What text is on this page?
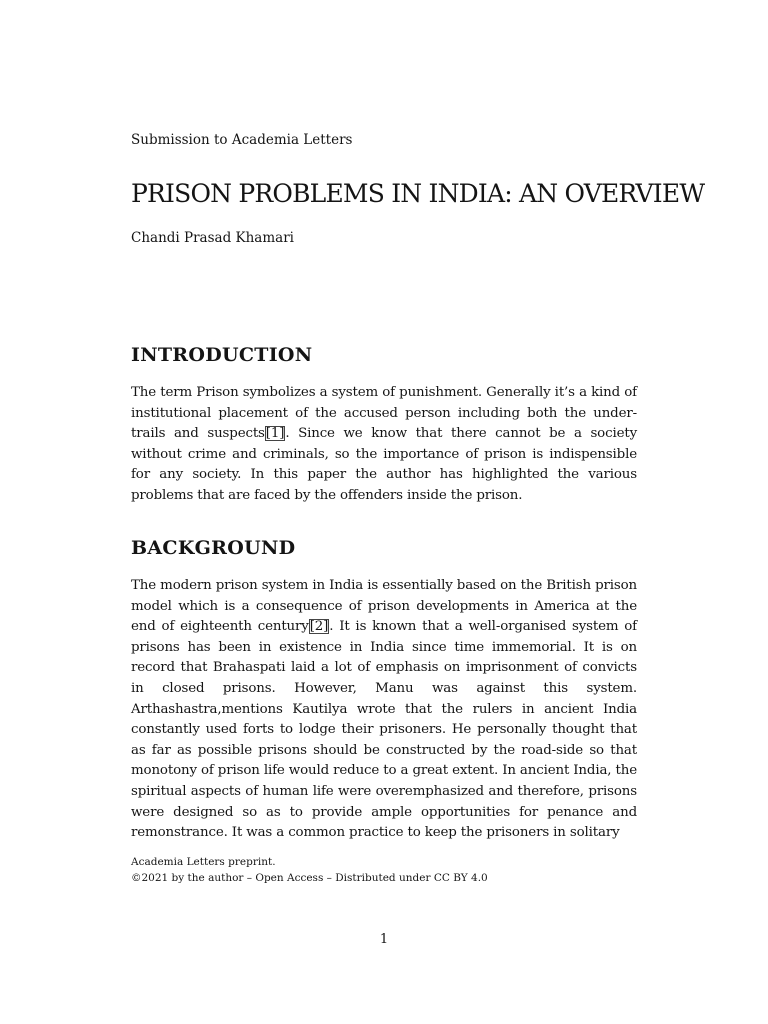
Submission to Academia Letters
PRISON PROBLEMS IN INDIA: AN OVERVIEW
Chandi Prasad Khamari
INTRODUCTION

The term Prison symbolizes a system of punishment. Generally it’s a kind of institutional placement of the accused person including both the under-trails and suspects[1]. Since we know that there cannot be a society without crime and criminals, so the importance of prison is indispensible for any society. In this paper the author has highlighted the various problems that are faced by the offenders inside the prison.

BACKGROUND

The modern prison system in India is essentially based on the British prison model which is a consequence of prison developments in America at the end of eighteenth century[2]. It is known that a well-organised system of prisons has been in existence in India since time immemorial. It is on record that Brahaspati laid a lot of emphasis on imprisonment of convicts in closed prisons. However, Manu was against this system. Arthashastra,mentions Kautilya wrote that the rulers in ancient India constantly used forts to lodge their prisoners. He personally thought that as far as possible prisons should be constructed by the road-side so that monotony of prison life would reduce to a great extent. In ancient India, the spiritual aspects of human life were overemphasized and therefore, prisons were designed so as to provide ample opportunities for penance and remonstrance. It was a common practice to keep the prisoners in solitary

Academia Letters preprint.
©2021 by the author – Open Access – Distributed under CC BY 4.0
1
